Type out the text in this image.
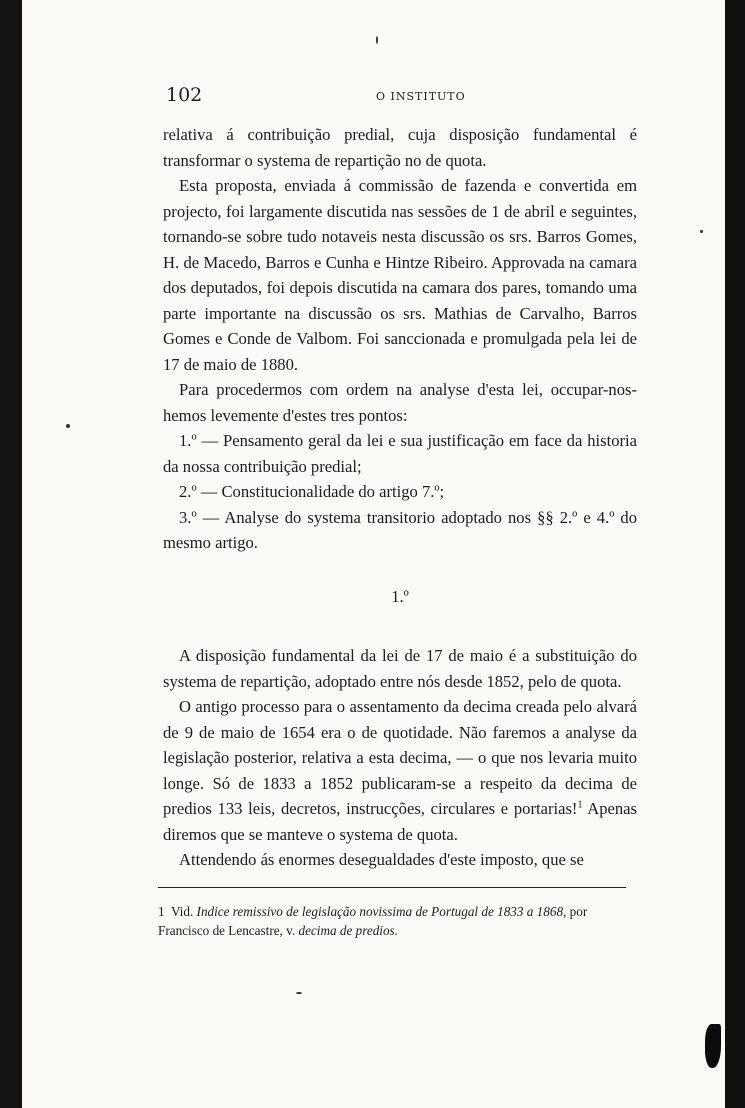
102	O INSTITUTO

relativa á contribuição predial, cuja disposição fundamental é transformar o systema de repartição no de quota.

Esta proposta, enviada á commissão de fazenda e convertida em projecto, foi largamente discutida nas sessões de 1 de abril e seguintes, tornando-se sobre tudo notaveis nesta discussão os srs. Barros Gomes, H. de Macedo, Barros e Cunha e Hintze Ribeiro. Approvada na camara dos deputados, foi depois discutida na camara dos pares, tomando uma parte importante na discussão os srs. Mathias de Carvalho, Barros Gomes e Conde de Valbom. Foi sanccionada e promulgada pela lei de 17 de maio de 1880.

Para procedermos com ordem na analyse d'esta lei, occupar-nos-hemos levemente d'estes tres pontos:

1.º — Pensamento geral da lei e sua justificação em face da historia da nossa contribuição predial;

2.º — Constitucionalidade do artigo 7.º;

3.º — Analyse do systema transitorio adoptado nos §§ 2.º e 4.º do mesmo artigo.

1.º

A disposição fundamental da lei de 17 de maio é a substituição do systema de repartição, adoptado entre nós desde 1852, pelo de quota.

O antigo processo para o assentamento da decima creada pelo alvará de 9 de maio de 1654 era o de quotidade. Não faremos a analyse da legislação posterior, relativa a esta decima, — o que nos levaria muito longe. Só de 1833 a 1852 publicaram-se a respeito da decima de predios 133 leis, decretos, instrucções, circulares e portarias!$^1$ Apenas diremos que se manteve o systema de quota.

Attendendo ás enormes desegualdades d'este imposto, que se

1 Vid. Indice remissivo de legislação novissima de Portugal de 1833 a 1868, por Francisco de Lencastre, v. decima de predios.
